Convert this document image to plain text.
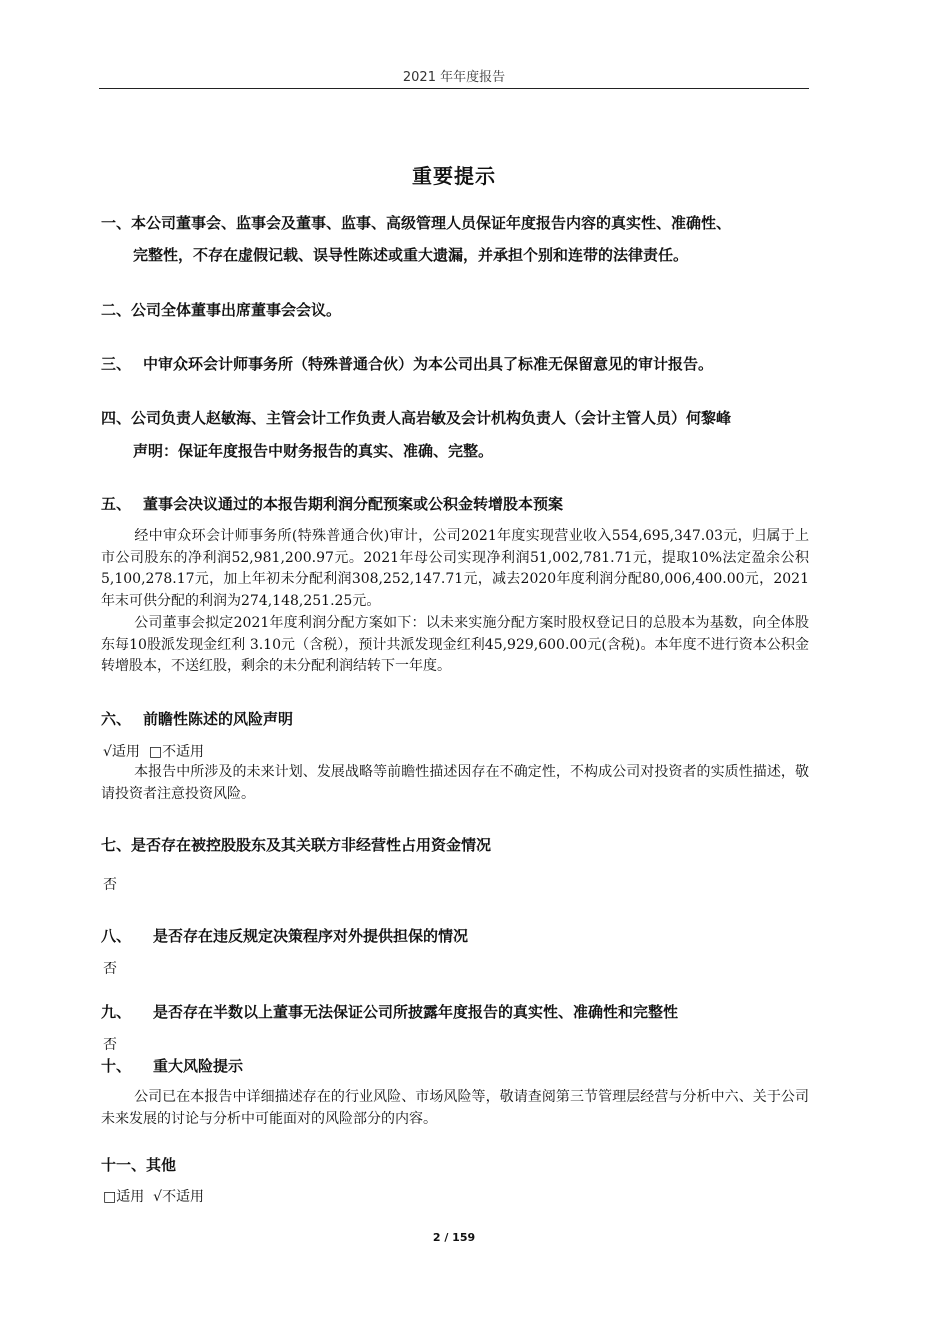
2021 年年度报告
重要提示
一、本公司董事会、监事会及董事、监事、高级管理人员保证年度报告内容的真实性、准确性、
完整性，不存在虚假记载、误导性陈述或重大遗漏，并承担个别和连带的法律责任。
二、公司全体董事出席董事会会议。
三、 中审众环会计师事务所（特殊普通合伙）为本公司出具了标准无保留意见的审计报告。
四、公司负责人赵敏海、主管会计工作负责人高岩敏及会计机构负责人（会计主管人员）何黎峰
声明：保证年度报告中财务报告的真实、准确、完整。
五、 董事会决议通过的本报告期利润分配预案或公积金转增股本预案

经中审众环会计师事务所(特殊普通合伙)审计，公司2021年度实现营业收入554,695,347.03元，归属于上市公司股东的净利润52,981,200.97元。2021年母公司实现净利润51,002,781.71元，提取10%法定盈余公积5,100,278.17元，加上年初未分配利润308,252,147.71元，减去2020年度利润分配80,006,400.00元，2021年末可供分配的利润为274,148,251.25元。

公司董事会拟定2021年度利润分配方案如下：以未来实施分配方案时股权登记日的总股本为基数，向全体股东每10股派发现金红利 3.10元（含税），预计共派发现金红利45,929,600.00元(含税)。本年度不进行资本公积金转增股本，不送红股，剩余的未分配利润结转下一年度。

六、 前瞻性陈述的风险声明
√适用 □不适用

本报告中所涉及的未来计划、发展战略等前瞻性描述因存在不确定性，不构成公司对投资者的实质性描述，敬请投资者注意投资风险。

七、是否存在被控股股东及其关联方非经营性占用资金情况
否
八、 是否存在违反规定决策程序对外提供担保的情况
否
九、 是否存在半数以上董事无法保证公司所披露年度报告的真实性、准确性和完整性
否
十、 重大风险提示

公司已在本报告中详细描述存在的行业风险、市场风险等，敬请查阅第三节管理层经营与分析中六、关于公司未来发展的讨论与分析中可能面对的风险部分的内容。

十一、其他
□适用 √不适用
2 / 159
